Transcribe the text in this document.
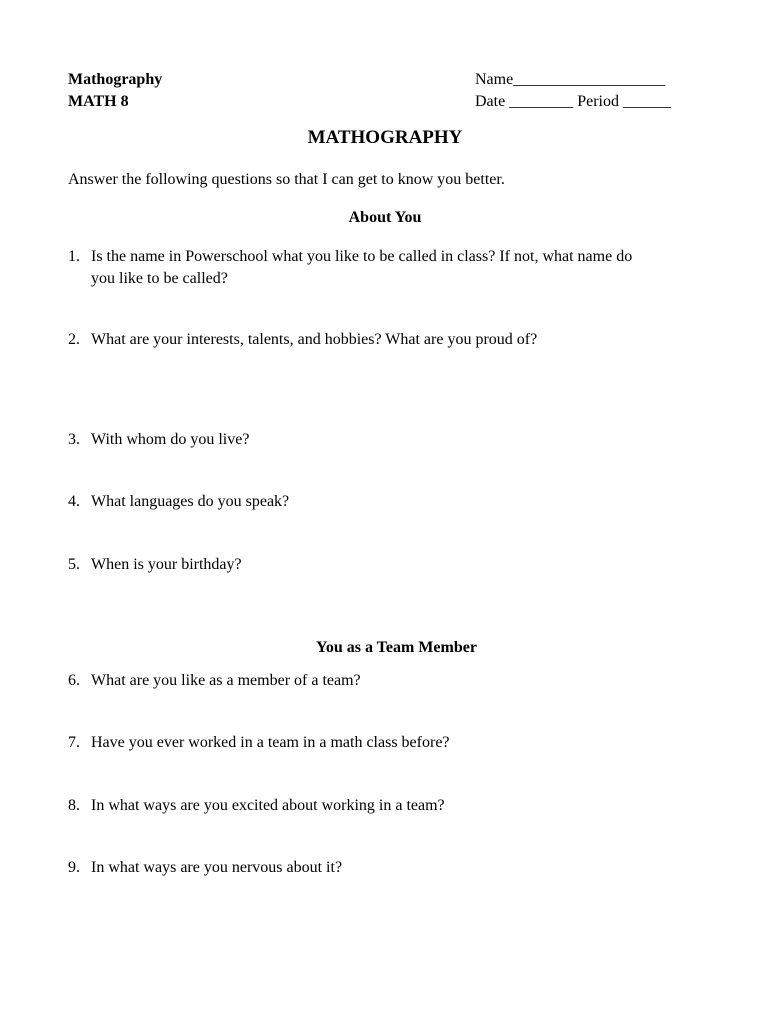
Mathography
MATH 8
Name___________________
Date ________ Period ______
MATHOGRAPHY
Answer the following questions so that I can get to know you better.
About You
1. Is the name in Powerschool what you like to be called in class? If not, what name do
you like to be called?
2. What are your interests, talents, and hobbies? What are you proud of?
3. With whom do you live?
4. What languages do you speak?
5. When is your birthday?
You as a Team Member
6. What are you like as a member of a team?
7. Have you ever worked in a team in a math class before?
8. In what ways are you excited about working in a team?
9. In what ways are you nervous about it?
